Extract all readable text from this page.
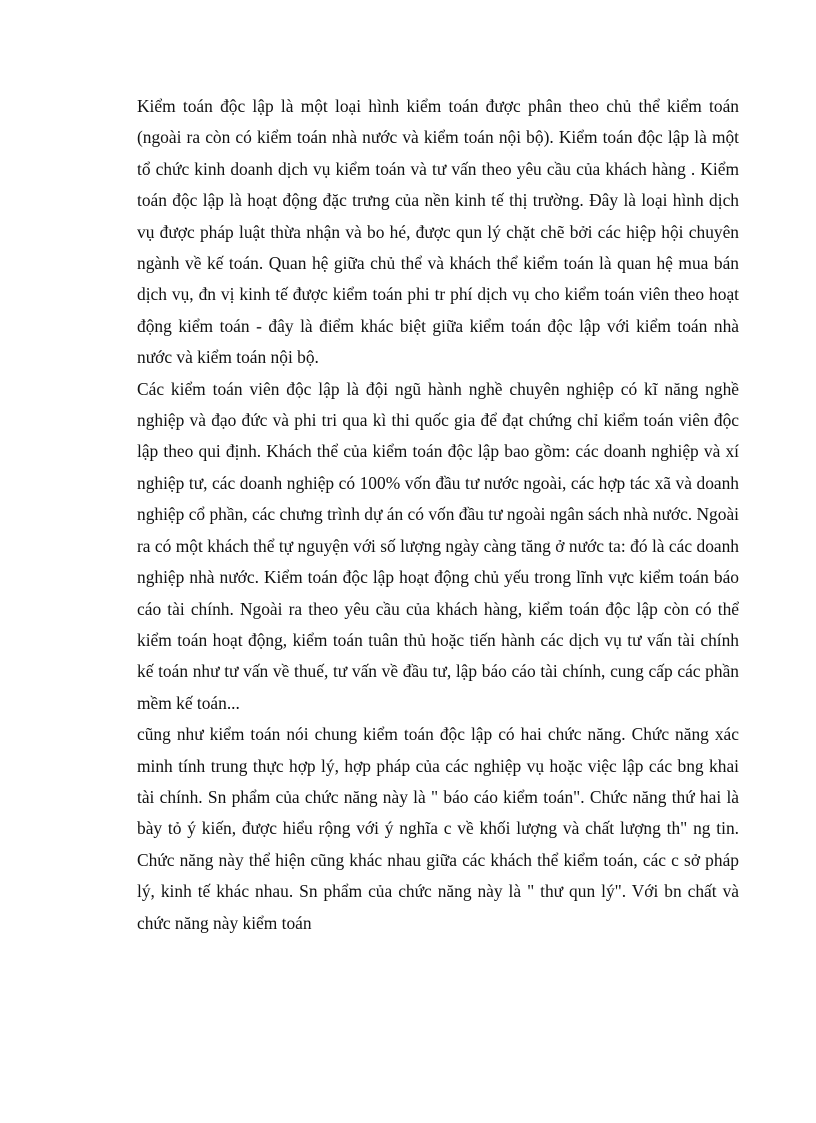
Kiểm toán độc lập là một loại hình kiểm toán được phân theo chủ thể kiểm toán (ngoài ra còn có kiểm toán nhà nước và kiểm toán nội bộ). Kiểm toán độc lập là một tổ chức kinh doanh dịch vụ kiểm toán và tư vấn theo yêu cầu của khách hàng . Kiểm toán độc lập là hoạt động đặc trưng của nền kinh tế thị trường. Đây là loại hình dịch vụ được pháp luật thừa nhận và bo hé, được qun lý chặt chẽ bởi các hiệp hội chuyên ngành về kế toán. Quan hệ giữa chủ thể và khách thể kiểm toán là quan hệ mua bán dịch vụ, đn vị kinh tế được kiểm toán phi tr phí dịch vụ cho kiểm toán viên theo hoạt động kiểm toán - đây là điểm khác biệt giữa kiểm toán độc lập với kiểm toán nhà nước và kiểm toán nội bộ.

Các kiểm toán viên độc lập là đội ngũ hành nghề chuyên nghiệp có kĩ năng nghề nghiệp và đạo đức và phi tri qua kì thi quốc gia để đạt chứng chỉ kiểm toán viên độc lập theo qui định. Khách thể của kiểm toán độc lập bao gồm: các doanh nghiệp và xí nghiệp tư, các doanh nghiệp có 100% vốn đầu tư nước ngoài, các hợp tác xã và doanh nghiệp cổ phần, các chưng trình dự án có vốn đầu tư ngoài ngân sách nhà nước. Ngoài ra có một khách thể tự nguyện với số lượng ngày càng tăng ở nước ta: đó là các doanh nghiệp nhà nước. Kiểm toán độc lập hoạt động chủ yếu trong lĩnh vực kiểm toán báo cáo tài chính. Ngoài ra theo yêu cầu của khách hàng, kiểm toán độc lập còn có thể kiểm toán hoạt động, kiểm toán tuân thủ hoặc tiến hành các dịch vụ tư vấn tài chính kế toán như tư vấn về thuế, tư vấn về đầu tư, lập báo cáo tài chính, cung cấp các phần mềm kế toán...

cũng như kiểm toán nói chung kiểm toán độc lập có hai chức năng. Chức năng xác minh tính trung thực hợp lý, hợp pháp của các nghiệp vụ hoặc việc lập các bng khai tài chính. Sn phẩm của chức năng này là " báo cáo kiểm toán". Chức năng thứ hai là bày tỏ ý kiến, được hiểu rộng với ý nghĩa c về khối lượng và chất lượng th" ng tin. Chức năng này thể hiện cũng khác nhau giữa các khách thể kiểm toán, các c sở pháp lý, kinh tế khác nhau. Sn phẩm của chức năng này là " thư qun lý". Với bn chất và chức năng này kiểm toán
